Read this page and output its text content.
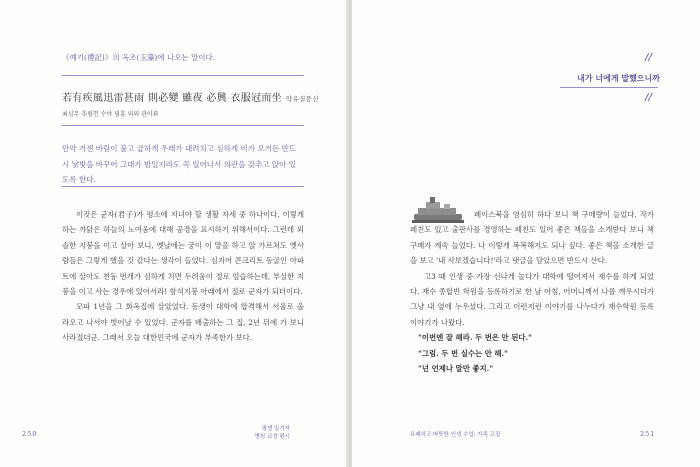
《예기(禮記)》의 옥조(玉藻)에 나오는 말이다.
若有疾風迅雷甚雨 則必變 雖夜 必興 衣服冠而坐 약유질풍신
최심무 추림헌 수야 필훙 의외 관이좌
만약 거센 바람이 불고 급하게 우레가 내려치고 심하게 비가 오거든 반드시 낯빛을 바꾸어 그대가 밤일지라도 꼭 일어나서 의관을 갖추고 앉아 있도록 한다.

이것은 군자(君子)가 평소에 지녀야 할 생활 자세 중 하나이다. 이렇게 하는 까닭은 하늘의 노여움에 대해 공경을 표시하기 위해서이다. 그런데 외솔한 지붕을 이고 살아 보니, 옛날에는 궁이 이 말을 하고 앉 가르쳐도 옛사람들은 그렇게 했을 것 같다는 생각이 들었다. 심지어 콘크리트 동굴인 아파트에 살아도 천둥 번개가 심하게 치면 두려움이 절로 엄습하는데, 부실한 지붕을 이고 사는 경우에 있어서라! 함석지붕 아래에서 절로 군자가 되더이다.

모파 1년을 그 화옥집에 살았었다. 동생이 대학에 합격해서 서울로 올라오고 나서야 벗어날 수 있었다. 군자를 배출하는 그 집, 2년 뒤에 가 보니 사라졌더군. 그래서 오늘 대한민국에 군자가 부족한가 보다.

250
평생 일기자
병원 교정 평시
//
내가 너에게 말했으니까
//

페이스북을 염심히 하다 보니 책 구매량이 늘었다. 작가 페친도 있고 출판사를 경영하는 페친도 있어 좋은 책들을 소개받다 보니 책 구매가 계속 늘었다. 나 이렇게 복복해지도 되나 싶다. 좋은 책을 소개한 글을 보고 '내 사보겠습니다!'라고 댓글을 달았으면 반드시 산다.

고3 때 인생 중 가장 신나게 놀다가 대학에 떨어져서 재수를 하게 되었다. 재수 종합반 학원을 등록하기로 한 날 아침, 어머니께서 나를 깨우시더가 그냥 내 옆에 누우셨다. 그리고 이런저런 이야기를 나누다가 재수학원 등록 이야기가 나왔다.

"이번엔 잘 해라. 두 번은 안 된다."

"그럼. 두 번 실수는 안 해."

"넌 언제나 말만 좋지."

유쾌하고 따뜻한 인생 수업: 가족 고집	251
